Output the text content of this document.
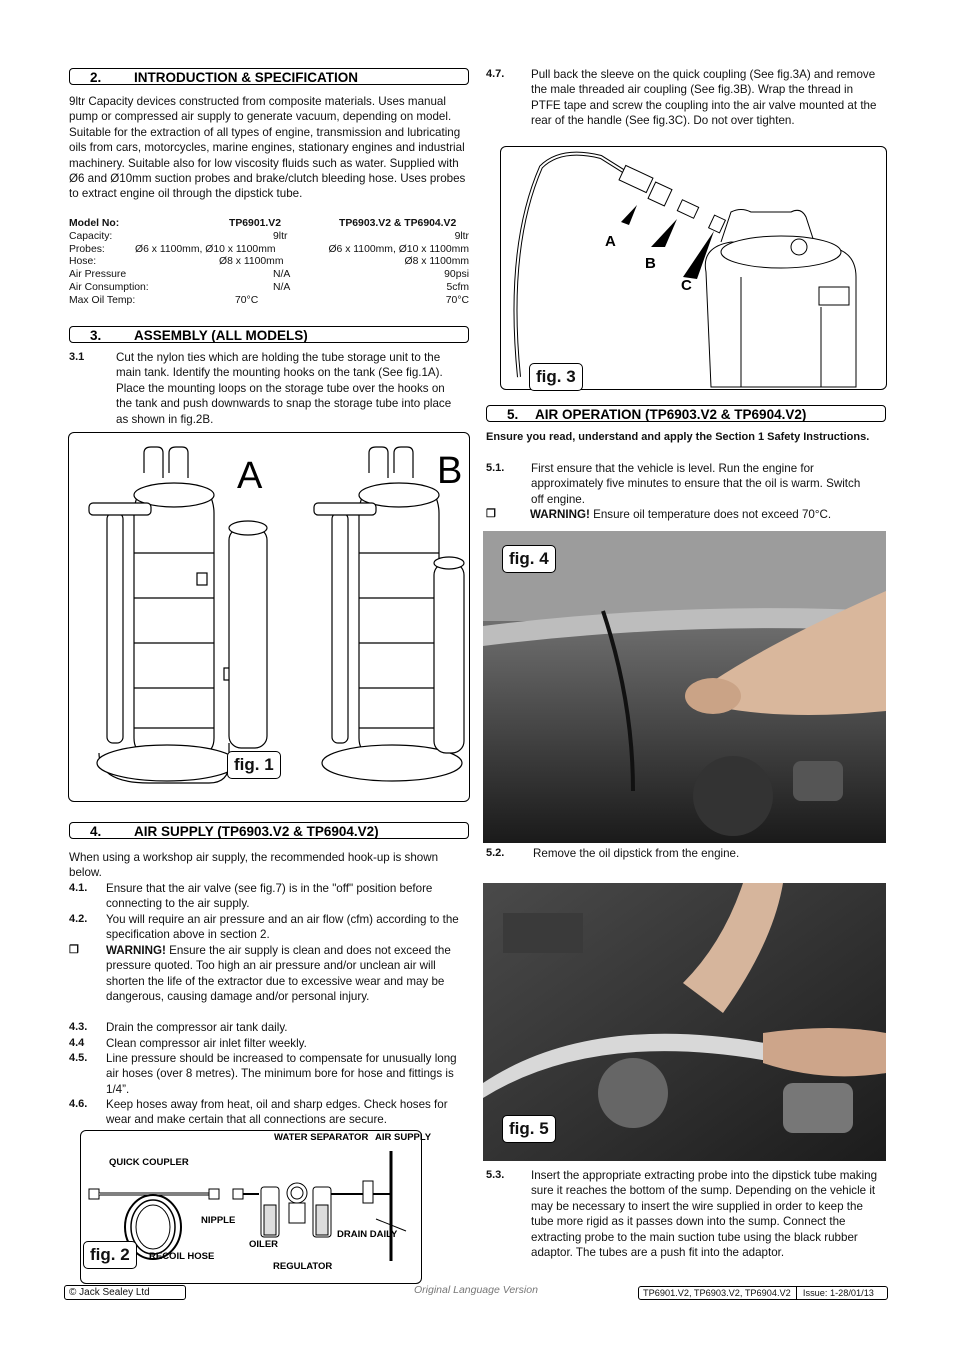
2. INTRODUCTION & SPECIFICATION
9ltr Capacity devices constructed from composite materials. Uses manual pump or compressed air supply to generate vacuum, depending on model. Suitable for the extraction of all types of engine, transmission and lubricating oils from cars, motorcycles, marine engines, stationary engines and industrial machinery. Suitable also for low viscosity fluids such as water. Supplied with Ø6 and Ø10mm suction probes and brake/clutch bleeding hose. Uses probes to extract engine oil through the dipstick tube.
Model No:	TP6901.V2	TP6903.V2 & TP6904.V2
Capacity:	9ltr	9ltr
Probes:	Ø6 x 1100mm, Ø10 x 1100mm	Ø6 x 1100mm, Ø10 x 1100mm
Hose:	Ø8 x 1100mm	Ø8 x 1100mm
Air Pressure	N/A	90psi
Air Consumption:	N/A	5cfm
Max Oil Temp:	70°C	70°C
3. ASSEMBLY (ALL MODELS)
3.1	Cut the nylon ties which are holding the tube storage unit to the main tank. Identify the mounting hooks on the tank (See fig.1A). Place the mounting loops on the storage tube over the hooks on the tank and push downwards to snap the storage tube into place as shown in fig.2B.
A	B
fig. 1
4. AIR SUPPLY (TP6903.V2 & TP6904.V2)
When using a workshop air supply, the recommended hook-up is shown below.
4.1. Ensure that the air valve (see fig.7) is in the "off" position before connecting to the air supply.
4.2. You will require an air pressure and an air flow (cfm) according to the specification above in section 2.
❒ WARNING! Ensure the air supply is clean and does not exceed the pressure quoted. Too high an air pressure and/or unclean air will shorten the life of the extractor due to excessive wear and may be dangerous, causing damage and/or personal injury.
4.3. Drain the compressor air tank daily.
4.4 Clean compressor air inlet filter weekly.
4.5. Line pressure should be increased to compensate for unusually long air hoses (over 8 metres). The minimum bore for hose and fittings is 1/4”.
4.6. Keep hoses away from heat, oil and sharp edges. Check hoses for wear and make certain that all connections are secure.
QUICK COUPLER
NIPPLE
OILER
RECOIL HOSE
REGULATOR
DRAIN DAILY
WATER SEPARATOR AIR SUPPLY
fig. 2
4.7. Pull back the sleeve on the quick coupling (See fig.3A) and remove the male threaded air coupling (See fig.3B). Wrap the thread in PTFE tape and screw the coupling into the air valve mounted at the rear of the handle (See fig.3C). Do not over tighten.
A
B
C
fig. 3
5. AIR OPERATION (TP6903.V2 & TP6904.V2)
Ensure you read, understand and apply the Section 1 Safety Instructions.
5.1. First ensure that the vehicle is level. Run the engine for approximately five minutes to ensure that the oil is warm. Switch off engine.
❒	WARNING! Ensure oil temperature does not exceed 70°C.
fig. 4
5.2. Remove the oil dipstick from the engine.
fig. 5
5.3. Insert the appropriate extracting probe into the dipstick tube making sure it reaches the bottom of the sump. Depending on the vehicle it may be necessary to insert the wire supplied in order to keep the tube more rigid as it passes down into the sump. Connect the extracting probe to the main suction tube using the black rubber adaptor. The tubes are a push fit into the adaptor.
© Jack Sealey Ltd	Original Language Version	TP6901.V2, TP6903.V2, TP6904.V2 Issue: 1-28/01/13
